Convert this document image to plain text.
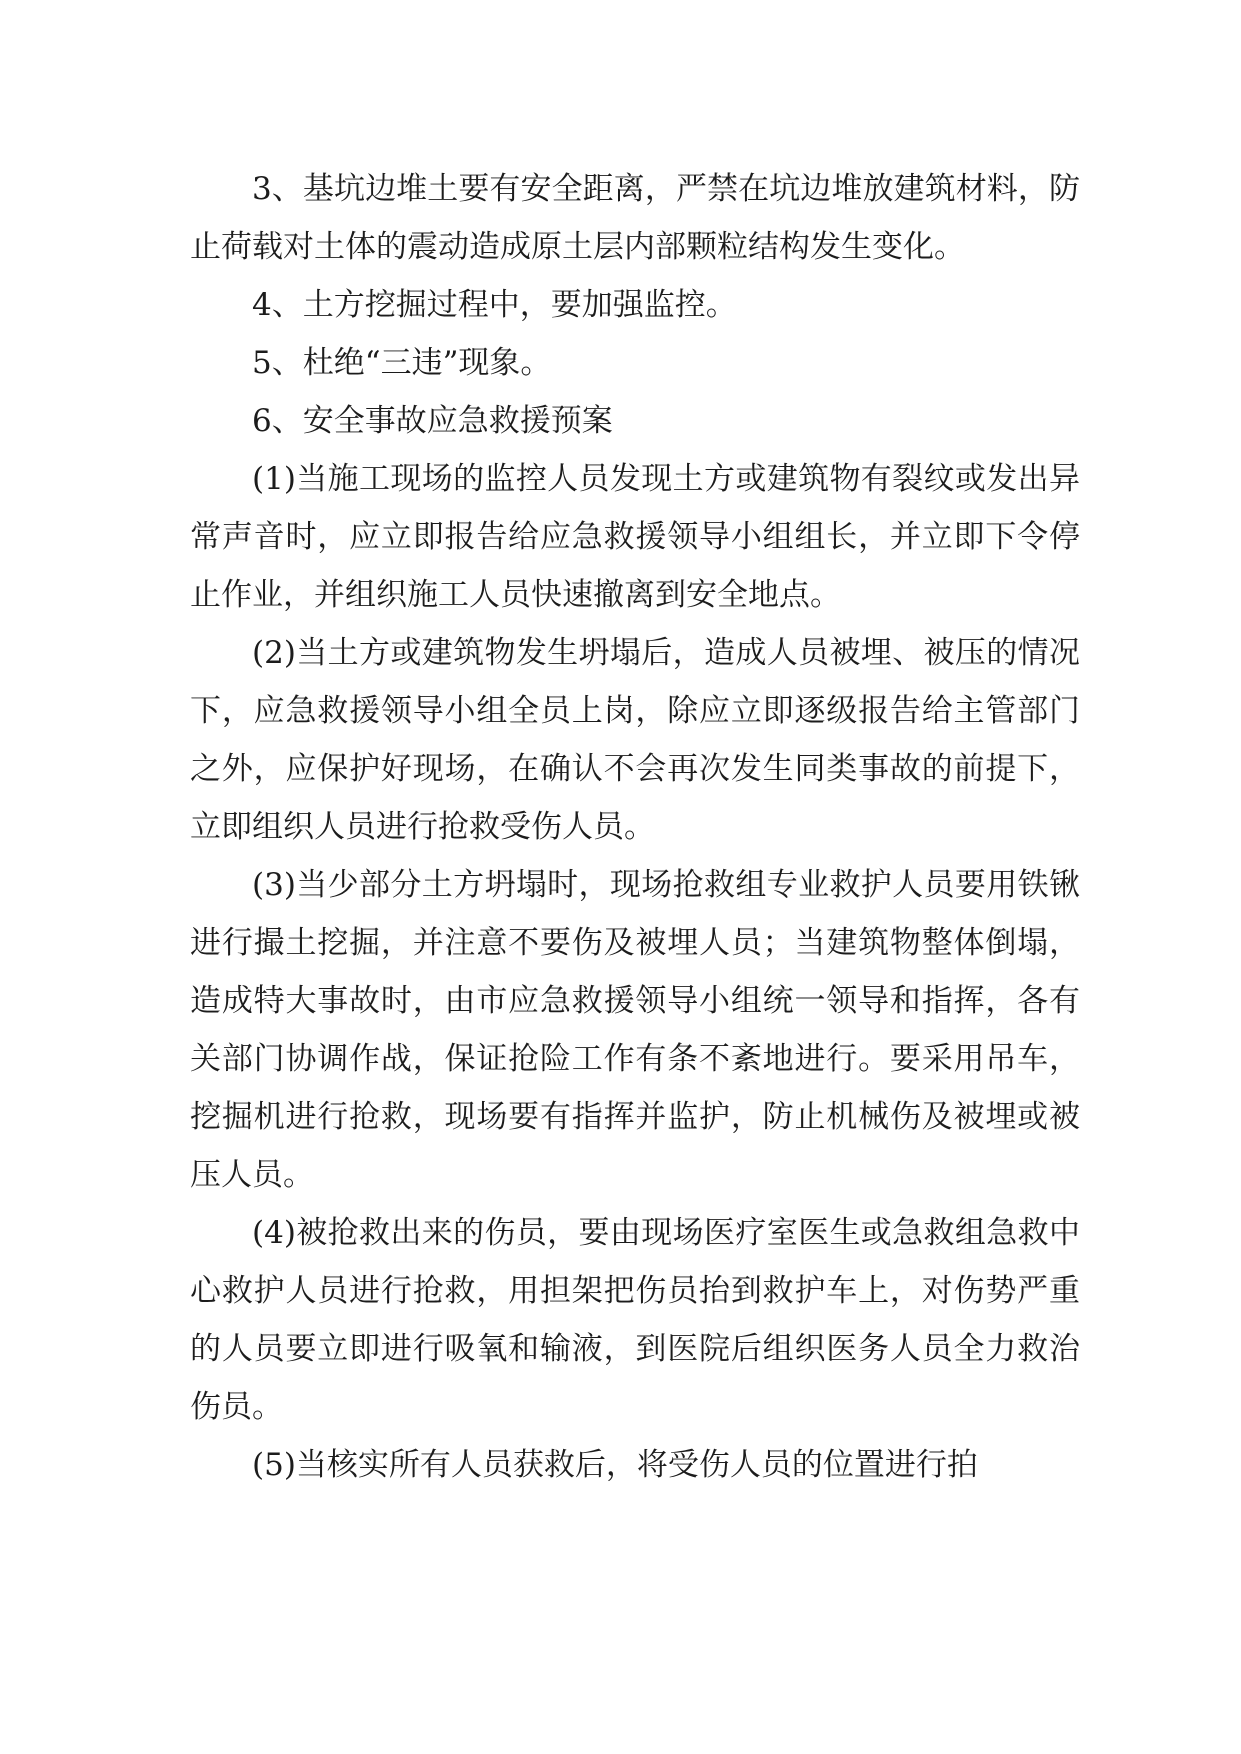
3、基坑边堆土要有安全距离，严禁在坑边堆放建筑材料，防止荷载对土体的震动造成原土层内部颗粒结构发生变化。

4、土方挖掘过程中，要加强监控。

5、杜绝“三违”现象。

6、安全事故应急救援预案

(1)当施工现场的监控人员发现土方或建筑物有裂纹或发出异常声音时，应立即报告给应急救援领导小组组长，并立即下令停止作业，并组织施工人员快速撤离到安全地点。

(2)当土方或建筑物发生坍塌后，造成人员被埋、被压的情况下，应急救援领导小组全员上岗，除应立即逐级报告给主管部门之外，应保护好现场，在确认不会再次发生同类事故的前提下，立即组织人员进行抢救受伤人员。

(3)当少部分土方坍塌时，现场抢救组专业救护人员要用铁锹进行撮土挖掘，并注意不要伤及被埋人员；当建筑物整体倒塌，造成特大事故时，由市应急救援领导小组统一领导和指挥，各有关部门协调作战，保证抢险工作有条不紊地进行。要采用吊车，挖掘机进行抢救，现场要有指挥并监护，防止机械伤及被埋或被压人员。

(4)被抢救出来的伤员，要由现场医疗室医生或急救组急救中心救护人员进行抢救，用担架把伤员抬到救护车上，对伤势严重的人员要立即进行吸氧和输液，到医院后组织医务人员全力救治伤员。

(5)当核实所有人员获救后，将受伤人员的位置进行拍
